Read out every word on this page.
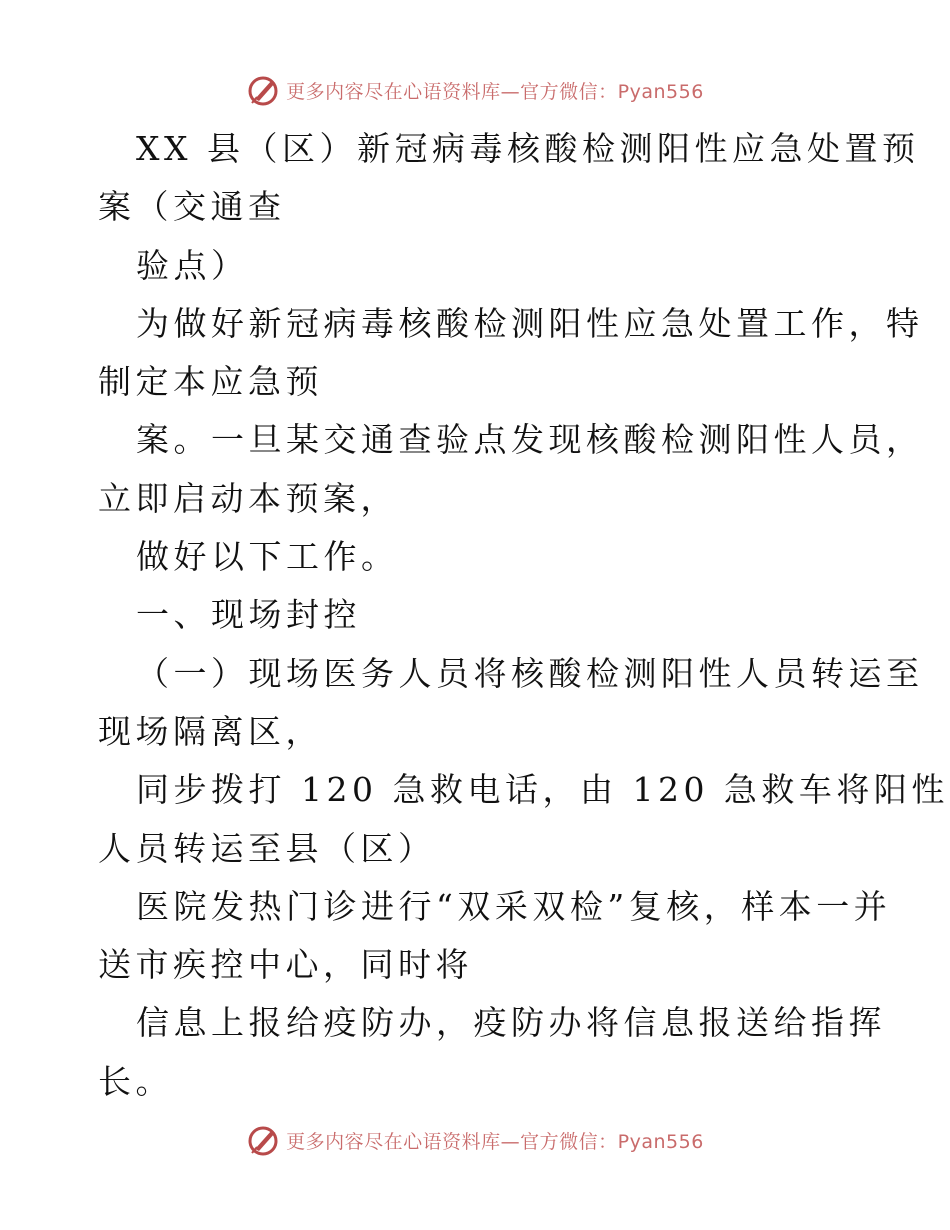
更多内容尽在心语资料库—官方微信：Pyan556
XX 县（区）新冠病毒核酸检测阳性应急处置预
案（交通查
验点）
为做好新冠病毒核酸检测阳性应急处置工作，特
制定本应急预
案。一旦某交通查验点发现核酸检测阳性人员，
立即启动本预案，
做好以下工作。
一、现场封控
（一）现场医务人员将核酸检测阳性人员转运至
现场隔离区，
同步拨打 120 急救电话，由 120 急救车将阳性
人员转运至县（区）
医院发热门诊进行“双采双检”复核，样本一并
送市疾控中心，同时将
信息上报给疫防办，疫防办将信息报送给指挥
长。
更多内容尽在心语资料库—官方微信：Pyan556
